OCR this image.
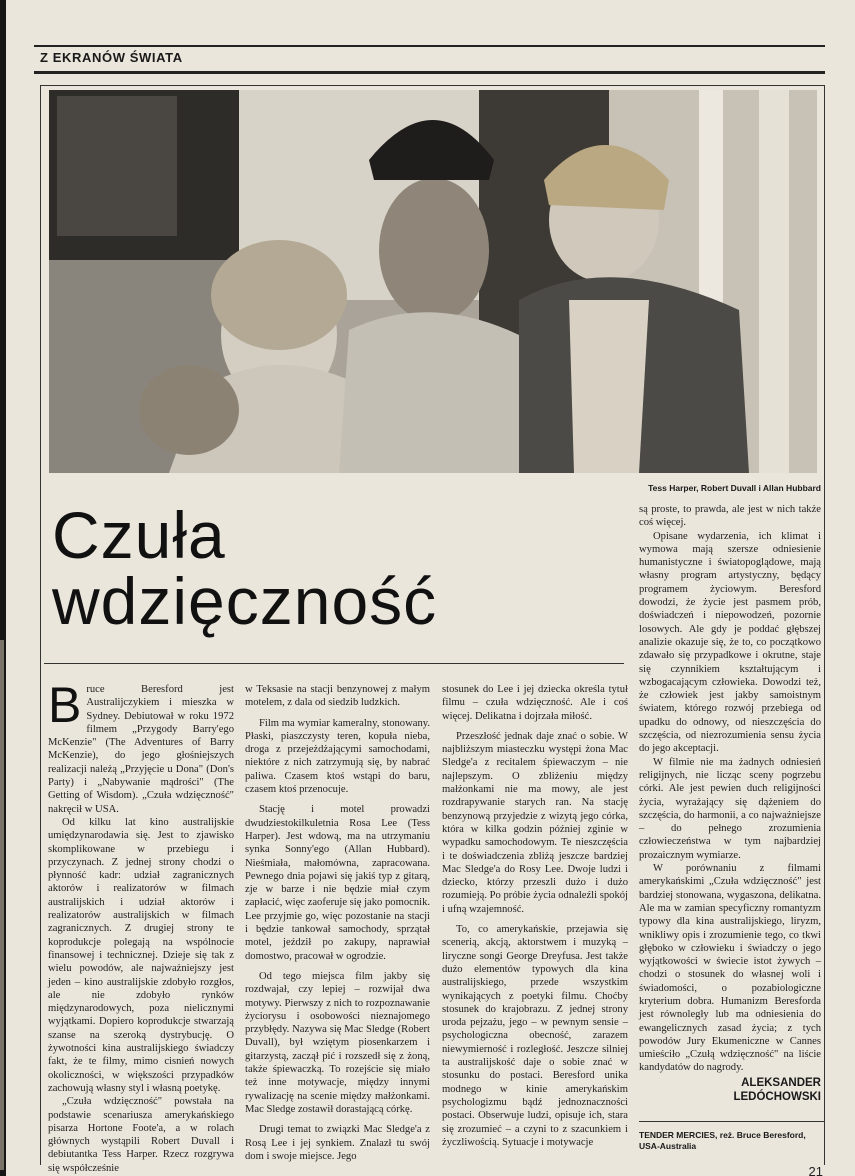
Z EKRANÓW ŚWIATA
Tess Harper, Robert Duvall i Allan Hubbard
Czuła
wdzięczność

Bruce Beresford jest Australijczykiem i mieszka w Sydney. Debiutował w roku 1972 filmem „Przygody Barry'ego McKenzie" (The Adventures of Barry McKenzie), do jego głośniejszych realizacji należą „Przyjęcie u Dona" (Don's Party) i „Nabywanie mądrości" (The Getting of Wisdom). „Czuła wdzięczność" nakręcił w USA.

Od kilku lat kino australijskie umiędzynarodawia się. Jest to zjawisko skomplikowane w przebiegu i przyczynach. Z jednej strony chodzi o płynność kadr: udział zagranicznych aktorów i realizatorów w filmach australijskich i udział aktorów i realizatorów australijskich w filmach zagranicznych. Z drugiej strony te koprodukcje polegają na wspólnocie finansowej i technicznej. Dzieje się tak z wielu powodów, ale najważniejszy jest jeden – kino australijskie zdobyło rozgłos, ale nie zdobyło rynków międzynarodowych, poza nielicznymi wyjątkami. Dopiero koprodukcje stwarzają szanse na szeroką dystrybucję. O żywotności kina australijskiego świadczy fakt, że te filmy, mimo cisnień nowych okoliczności, w większości przypadków zachowują własny styl i własną poetykę.

„Czuła wdzięczność" powstała na podstawie scenariusza amerykańskiego pisarza Hortone Foote'a, a w rolach głównych wystąpili Robert Duvall i debiutantka Tess Harper. Rzecz rozgrywa się współcześnie

w Teksasie na stacji benzynowej z małym motelem, z dala od siedzib ludzkich.

Film ma wymiar kameralny, stonowany. Płaski, piaszczysty teren, kopuła nieba, droga z przejeżdżającymi samochodami, niektóre z nich zatrzymują się, by nabrać paliwa. Czasem ktoś wstąpi do baru, czasem ktoś przenocuje.

Stację i motel prowadzi dwudziestokilkuletnia Rosa Lee (Tess Harper). Jest wdową, ma na utrzymaniu synka Sonny'ego (Allan Hubbard). Nieśmiała, małomówna, zapracowana. Pewnego dnia pojawi się jakiś typ z gitarą, zje w barze i nie będzie miał czym zapłacić, więc zaoferuje się jako pomocnik. Lee przyjmie go, więc pozostanie na stacji i będzie tankował samochody, sprzątał motel, jeździł po zakupy, naprawiał domostwo, pracował w ogrodzie.

Od tego miejsca film jakby się rozdwajał, czy lepiej – rozwijał dwa motywy. Pierwszy z nich to rozpoznawanie życiorysu i osobowości nieznajomego przybłędy. Nazywa się Mac Sledge (Robert Duvall), był wziętym piosenkarzem i gitarzystą, zaczął pić i rozszedł się z żoną, także śpiewaczką. To rozejście się miało też inne motywacje, między innymi rywalizację na scenie między małżonkami. Mac Sledge zostawił dorastającą córkę.

Drugi temat to związki Mac Sledge'a z Rosą Lee i jej synkiem. Znalazł tu swój dom i swoje miejsce. Jego

stosunek do Lee i jej dziecka określa tytuł filmu – czuła wdzięczność. Ale i coś więcej. Delikatna i dojrzała miłość.

Przeszłość jednak daje znać o sobie. W najbliższym miasteczku występi żona Mac Sledge'a z recitalem śpiewaczym – nie najlepszym. O zbliżeniu między małżonkami nie ma mowy, ale jest rozdrapywanie starych ran. Na stację benzynową przyjedzie z wizytą jego córka, która w kilka godzin później zginie w wypadku samochodowym. Te nieszczęścia i te doświadczenia zbliżą jeszcze bardziej Mac Sledge'a do Rosy Lee. Dwoje ludzi i dziecko, którzy przeszli dużo i dużo rozumieją. Po próbie życia odnaleźli spokój i ufną wzajemność.

To, co amerykańskie, przejawia się scenerią, akcją, aktorstwem i muzyką – liryczne songi George Dreyfusa. Jest także dużo elementów typowych dla kina australijskiego, przede wszystkim wynikających z poetyki filmu. Choćby stosunek do krajobrazu. Z jednej strony uroda pejzażu, jego – w pewnym sensie – psychologiczna obecność, zarazem niewymierność i rozległość. Jeszcze silniej ta australijskość daje o sobie znać w stosunku do postaci. Beresford unika modnego w kinie amerykańskim psychologizmu bądź jednoznaczności postaci. Obserwuje ludzi, opisuje ich, stara się zrozumieć – a czyni to z szacunkiem i życzliwością. Sytuacje i motywacje

są proste, to prawda, ale jest w nich także coś więcej.

Opisane wydarzenia, ich klimat i wymowa mają szersze odniesienie humanistyczne i światopoglądowe, mają własny program artystyczny, będący programem życiowym. Beresford dowodzi, że życie jest pasmem prób, doświadczeń i niepowodzeń, pozornie losowych. Ale gdy je poddać głębszej analizie okazuje się, że to, co początkowo zdawało się przypadkowe i okrutne, staje się czynnikiem kształtującym i wzbogacającym człowieka. Dowodzi też, że człowiek jest jakby samoistnym światem, którego rozwój przebiega od upadku do odnowy, od nieszczęścia do szczęścia, od niezrozumienia sensu życia do jego akceptacji.

W filmie nie ma żadnych odniesień religijnych, nie licząc sceny pogrzebu córki. Ale jest pewien duch religijności życia, wyrażający się dążeniem do szczęścia, do harmonii, a co najważniejsze – do pełnego zrozumienia człowieczeństwa w tym najbardziej prozaicznym wymiarze.

W porównaniu z filmami amerykańskimi „Czuła wdzięczność" jest bardziej stonowana, wygaszona, delikatna. Ale ma w zamian specyficzny romantyzm typowy dla kina australijskiego, liryzm, wnikliwy opis i zrozumienie tego, co tkwi głęboko w człowieku i świadczy o jego wyjątkowości w świecie istot żywych – chodzi o stosunek do własnej woli i świadomości, o pozabiologiczne kryterium dobra. Humanizm Beresforda jest równoległy lub ma odniesienia do ewangelicznych zasad życia; z tych powodów Jury Ekumeniczne w Cannes umieściło „Czułą wdzięczność" na liście kandydatów do nagrody.

ALEKSANDER
LEDÓCHOWSKI
TENDER MERCIES, reż. Bruce Beresford, USA-Australia
21
